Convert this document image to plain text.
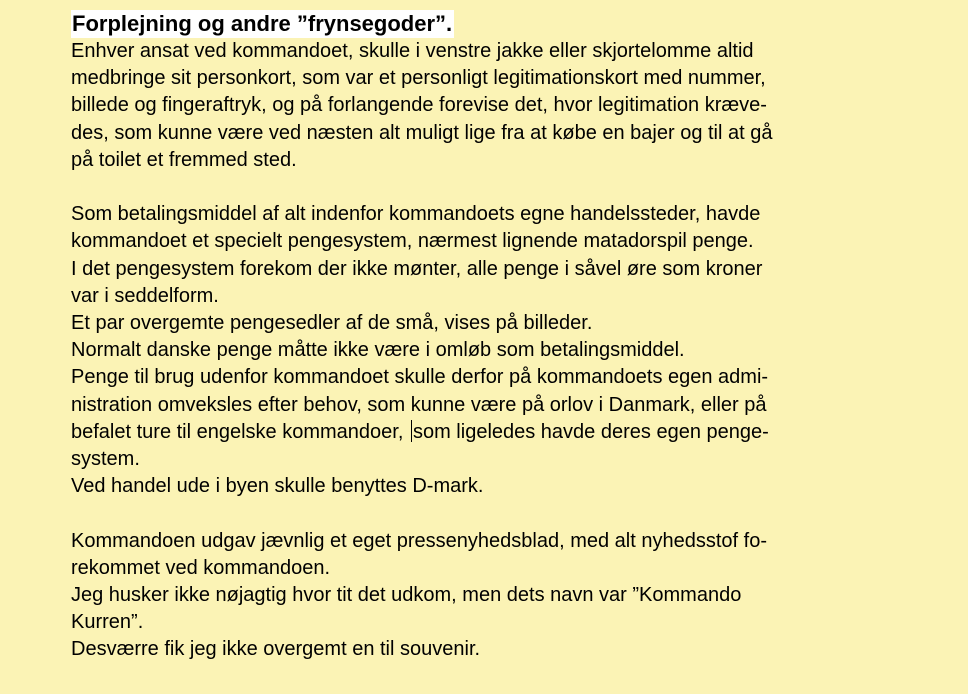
Forplejning og andre ”frynsegoder”.
Enhver ansat ved kommandoet, skulle i venstre jakke eller skjortelomme altid
medbringe sit personkort, som var et personligt legitimationskort med nummer,
billede og fingeraftryk, og på forlangende forevise det, hvor legitimation kræve-
des, som kunne være ved næsten alt muligt lige fra at købe en bajer og til at gå
på toilet et fremmed sted.
Som betalingsmiddel af alt indenfor kommandoets egne handelssteder, havde
kommandoet et specielt pengesystem, nærmest lignende matadorspil penge.
I det pengesystem forekom der ikke mønter, alle penge i såvel øre som kroner
var i seddelform.
Et par overgemte pengesedler af de små, vises på billeder.
Normalt danske penge måtte ikke være i omløb som betalingsmiddel.
Penge til brug udenfor kommandoet skulle derfor på kommandoets egen admi-
nistration omveksles efter behov, som kunne være på orlov i Danmark, eller på
befalet ture til engelske kommandoer, som ligeledes havde deres egen penge-
system.
Ved handel ude i byen skulle benyttes D-mark.
Kommandoen udgav jævnlig et eget pressenyhedsblad, med alt nyhedsstof fo-
rekommet ved kommandoen.
Jeg husker ikke nøjagtig hvor tit det udkom, men dets navn var ”Kommando
Kurren”.
Desværre fik jeg ikke overgemt en til souvenir.
